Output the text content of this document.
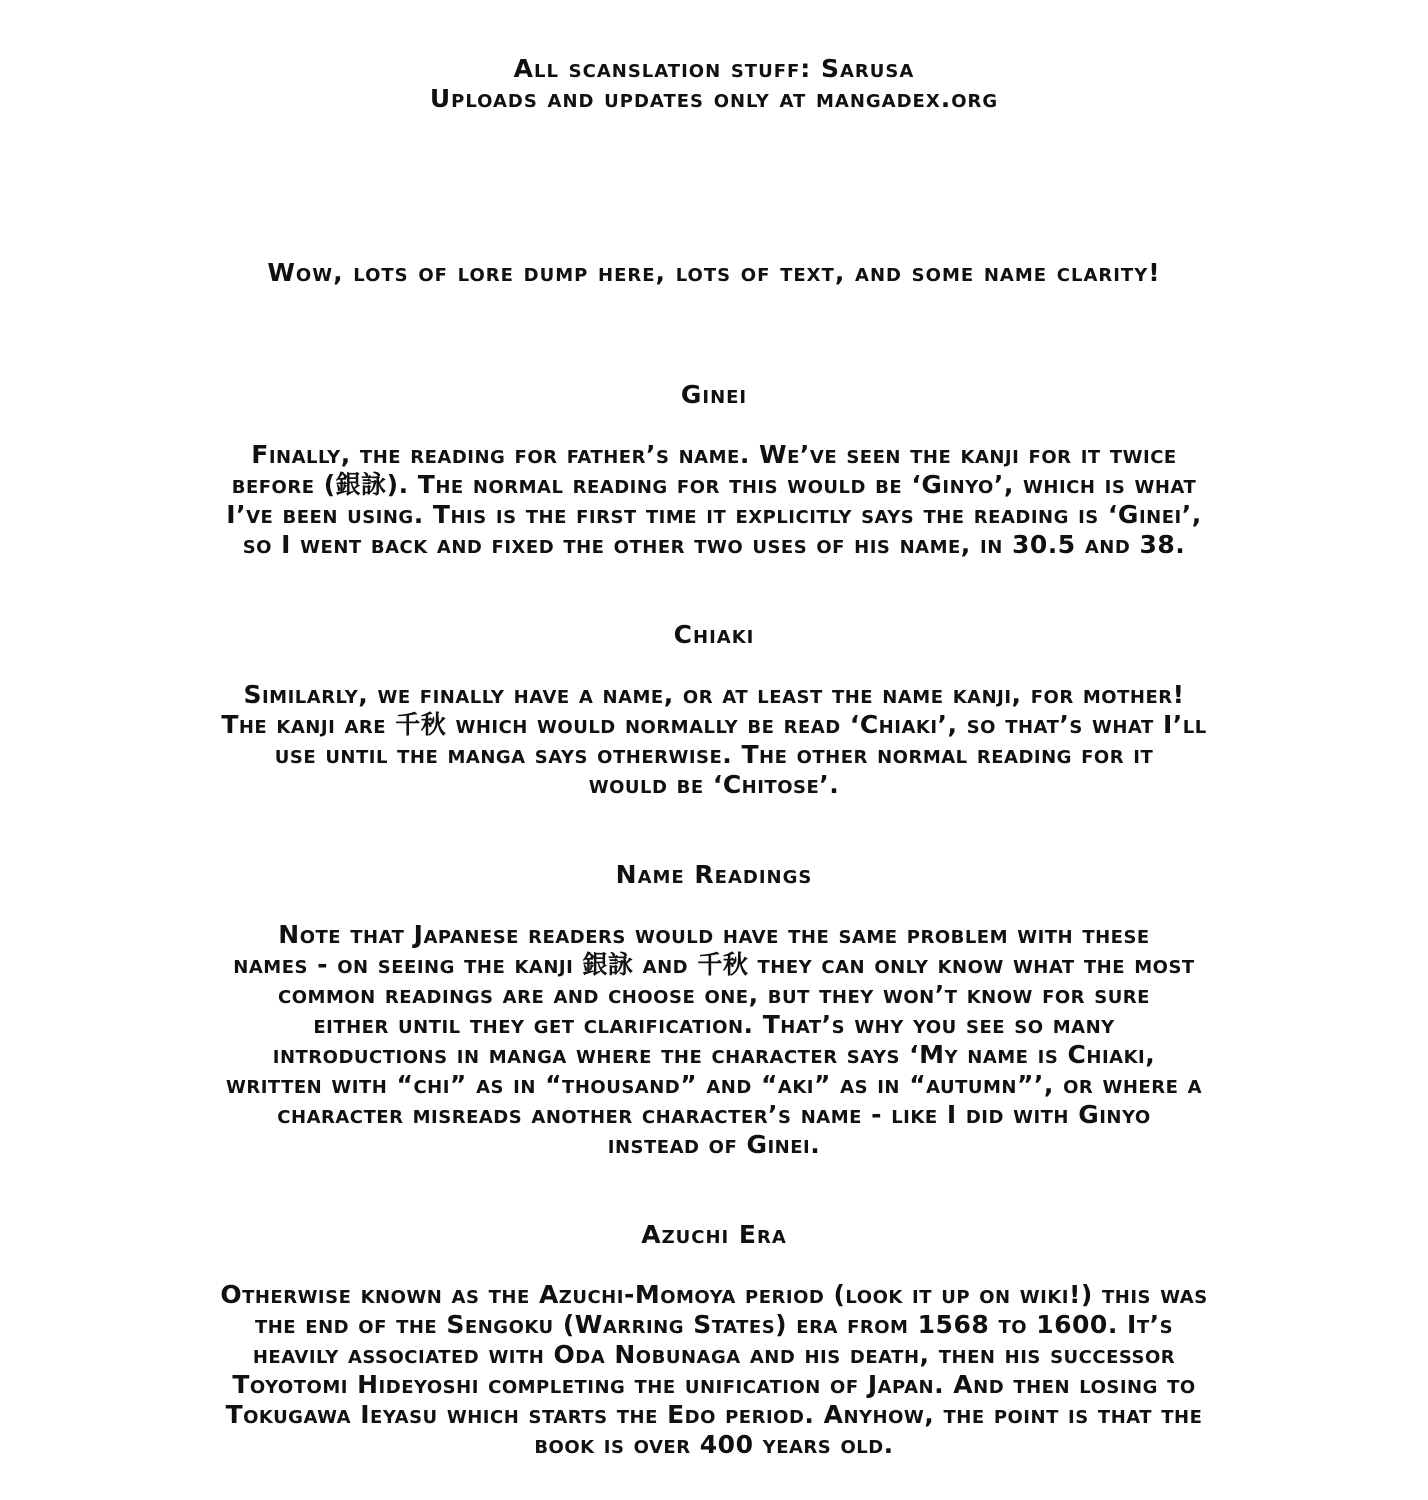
All scanslation stuff: Sarusa
Uploads and updates only at mangadex.org
Wow, lots of lore dump here, lots of text, and some name clarity!
Ginei
Finally, the reading for father’s name. We’ve seen the kanji for it twice
before (銀詠). The normal reading for this would be ‘Ginyo’, which is what
I’ve been using. This is the first time it explicitly says the reading is ‘Ginei’,
so I went back and fixed the other two uses of his name, in 30.5 and 38.
Chiaki
Similarly, we finally have a name, or at least the name kanji, for mother!
The kanji are 千秋 which would normally be read ‘Chiaki’, so that’s what I’ll
use until the manga says otherwise. The other normal reading for it
would be ‘Chitose’.
Name Readings
Note that Japanese readers would have the same problem with these
names - on seeing the kanji 銀詠 and 千秋 they can only know what the most
common readings are and choose one, but they won’t know for sure
either until they get clarification. That’s why you see so many
introductions in manga where the character says ‘My name is Chiaki,
written with “chi” as in “thousand” and “aki” as in “autumn”’, or where a
character misreads another character’s name - like I did with Ginyo
instead of Ginei.
Azuchi Era
Otherwise known as the Azuchi-Momoya period (look it up on wiki!) this was
the end of the Sengoku (Warring States) era from 1568 to 1600. It’s
heavily associated with Oda Nobunaga and his death, then his successor
Toyotomi Hideyoshi completing the unification of Japan. And then losing to
Tokugawa Ieyasu which starts the Edo period. Anyhow, the point is that the
book is over 400 years old.
